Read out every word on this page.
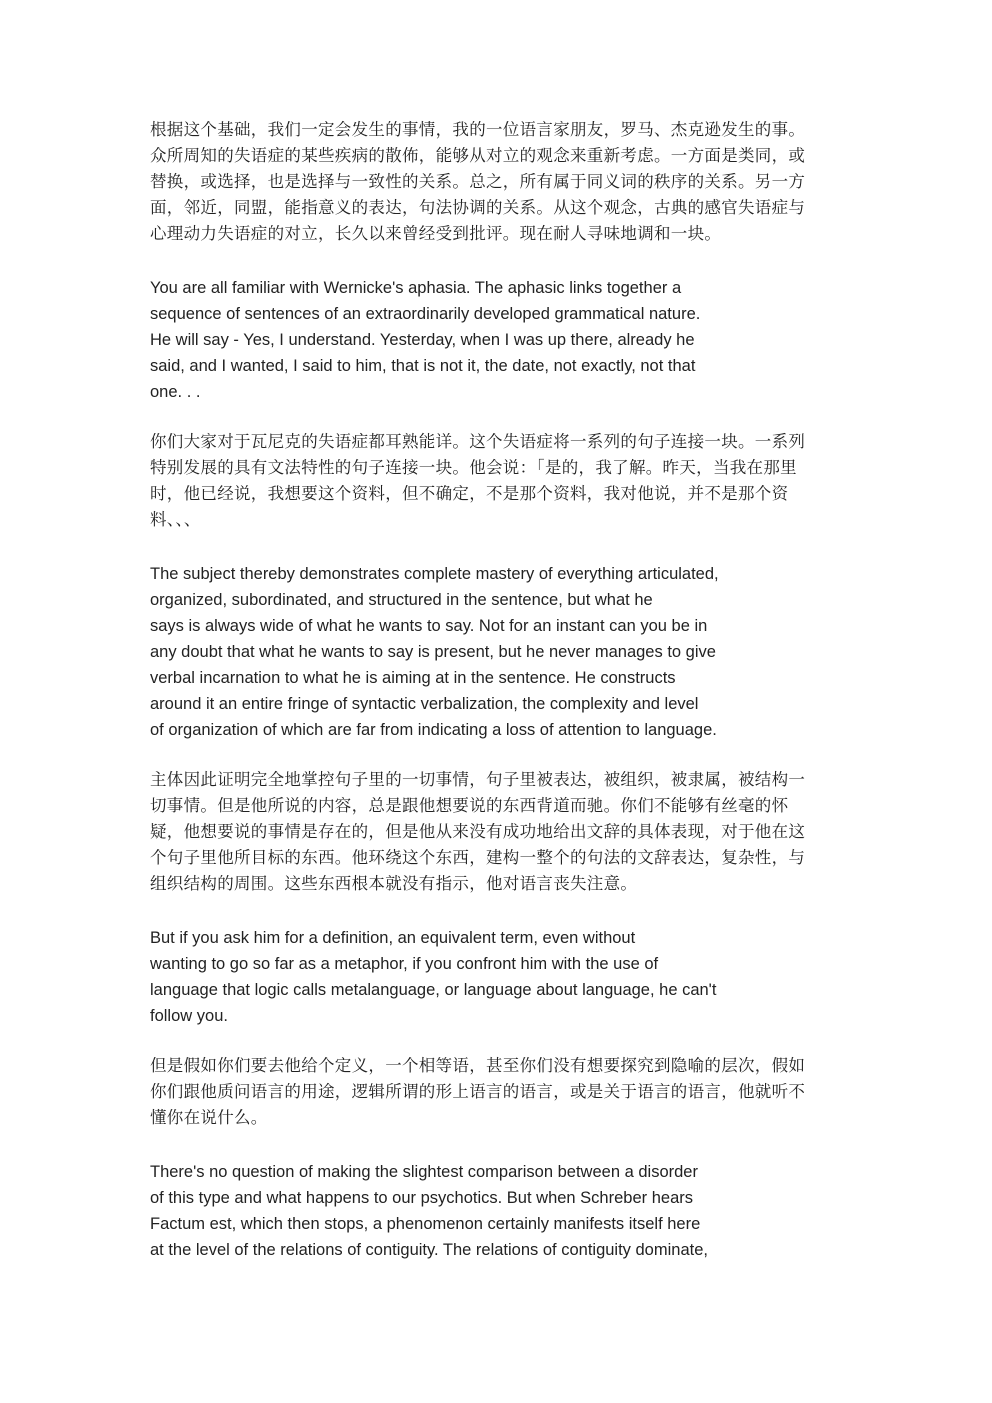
根据这个基础，我们一定会发生的事情，我的一位语言家朋友，罗马、杰克逊发生的事。
众所周知的失语症的某些疾病的散佈，能够从对立的观念来重新考虑。一方面是类同，或
替换，或选择，也是选择与一致性的关系。总之，所有属于同义词的秩序的关系。另一方
面，邻近，同盟，能指意义的表达，句法协调的关系。从这个观念，古典的感官失语症与
心理动力失语症的对立，长久以来曾经受到批评。现在耐人寻味地调和一块。

You are all familiar with Wernicke's aphasia. The aphasic links together a
sequence of sentences of an extraordinarily developed grammatical nature.
He will say - Yes, I understand. Yesterday, when I was up there, already he
said, and I wanted, I said to him, that is not it, the date, not exactly, not that
one. . .

你们大家对于瓦尼克的失语症都耳熟能详。这个失语症将一系列的句子连接一块。一系列
特别发展的具有文法特性的句子连接一块。他会说：「是的，我了解。昨天，当我在那里
时，他已经说，我想要这个资料，但不确定，不是那个资料，我对他说，并不是那个资
料、、、

The subject thereby demonstrates complete mastery of everything articulated,
organized, subordinated, and structured in the sentence, but what he
says is always wide of what he wants to say. Not for an instant can you be in
any doubt that what he wants to say is present, but he never manages to give
verbal incarnation to what he is aiming at in the sentence. He constructs
around it an entire fringe of syntactic verbalization, the complexity and level
of organization of which are far from indicating a loss of attention to language.

主体因此证明完全地掌控句子里的一切事情，句子里被表达，被组织，被隶属，被结构一
切事情。但是他所说的内容，总是跟他想要说的东西背道而驰。你们不能够有丝毫的怀
疑，他想要说的事情是存在的，但是他从来没有成功地给出文辞的具体表现，对于他在这
个句子里他所目标的东西。他环绕这个东西，建构一整个的句法的文辞表达，复杂性，与
组织结构的周围。这些东西根本就没有指示，他对语言丧失注意。

But if you ask him for a definition, an equivalent term, even without
wanting to go so far as a metaphor, if you confront him with the use of
language that logic calls metalanguage, or language about language, he can't
follow you.

但是假如你们要去他给个定义，一个相等语，甚至你们没有想要探究到隐喻的层次，假如
你们跟他质问语言的用途，逻辑所谓的形上语言的语言，或是关于语言的语言，他就听不
懂你在说什么。

There's no question of making the slightest comparison between a disorder
of this type and what happens to our psychotics. But when Schreber hears
Factum est, which then stops, a phenomenon certainly manifests itself here
at the level of the relations of contiguity. The relations of contiguity dominate,
